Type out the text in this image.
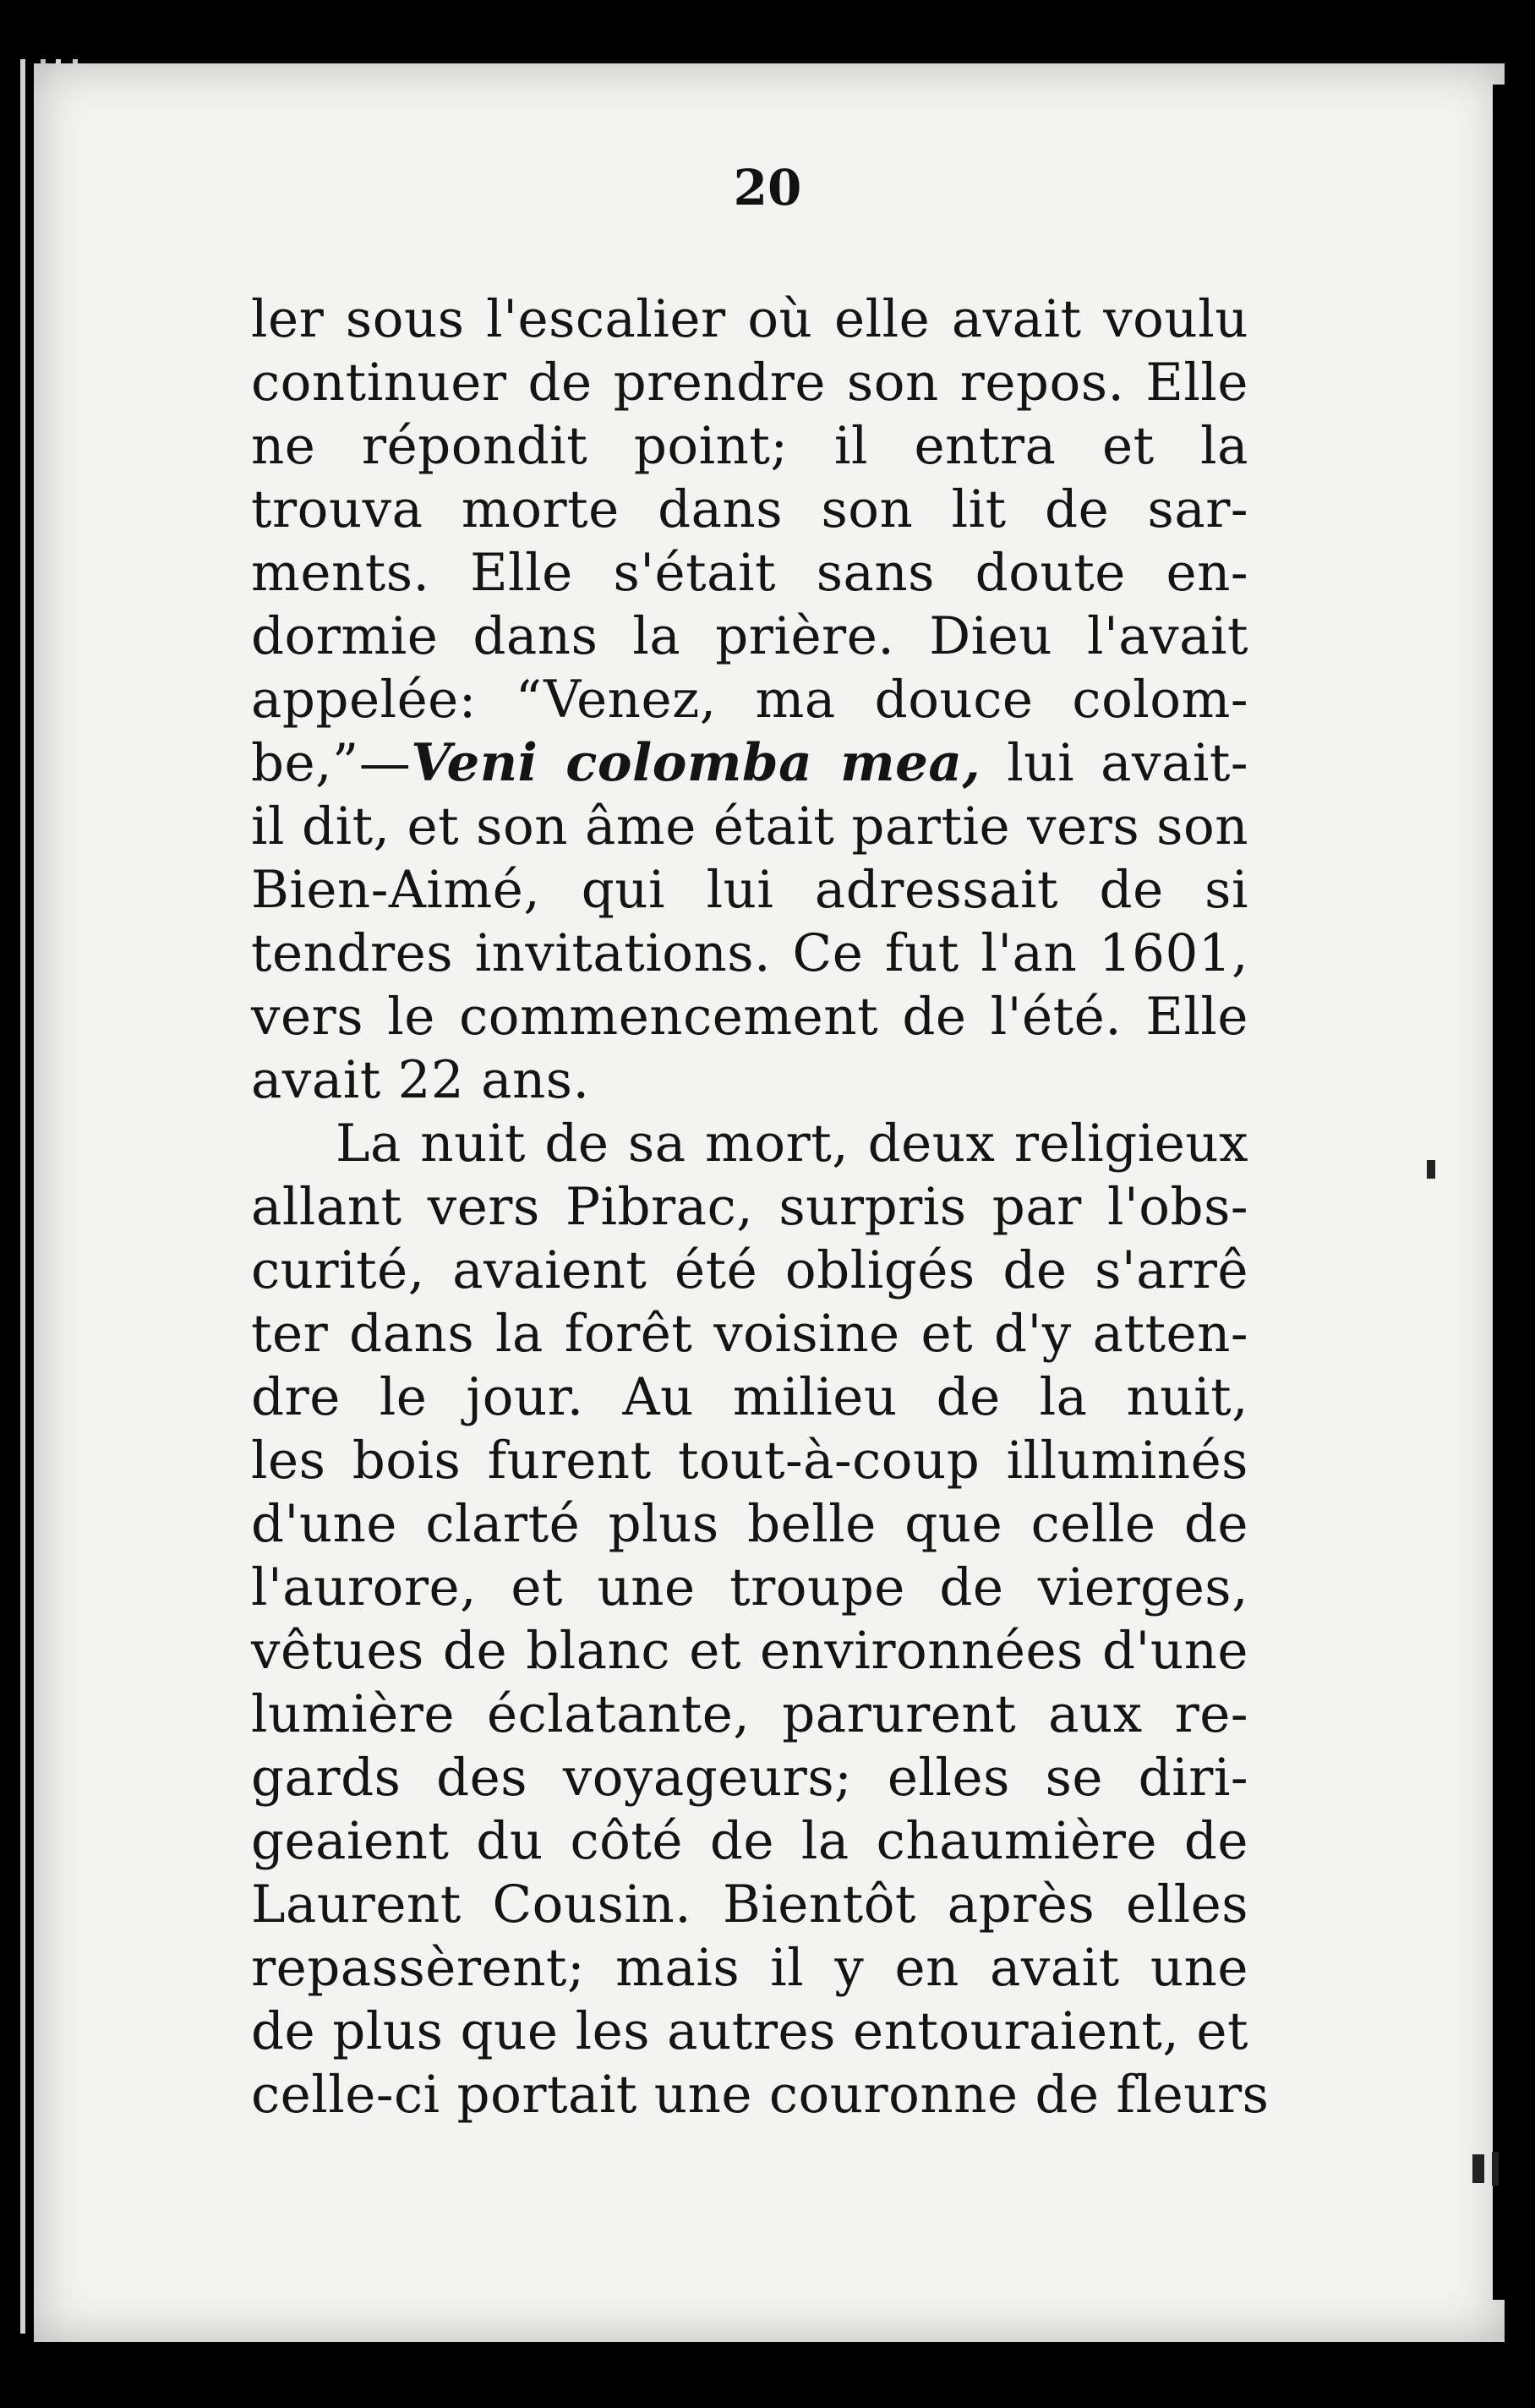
20
ler sous l'escalier où elle avait voulu
continuer de prendre son repos. Elle
ne répondit point; il entra et la
trouva morte dans son lit de sar-
ments. Elle s'était sans doute en-
dormie dans la prière. Dieu l'avait
appelée: “Venez, ma douce colom-
be,”—Veni colomba mea, lui avait-
il dit, et son âme était partie vers son
Bien-Aimé, qui lui adressait de si
tendres invitations. Ce fut l'an 1601,
vers le commencement de l'été. Elle
avait 22 ans.
La nuit de sa mort, deux religieux
allant vers Pibrac, surpris par l'obs-
curité, avaient été obligés de s'arrê
ter dans la forêt voisine et d'y atten-
dre le jour. Au milieu de la nuit,
les bois furent tout-à-coup illuminés
d'une clarté plus belle que celle de
l'aurore, et une troupe de vierges,
vêtues de blanc et environnées d'une
lumière éclatante, parurent aux re-
gards des voyageurs; elles se diri-
geaient du côté de la chaumière de
Laurent Cousin. Bientôt après elles
repassèrent; mais il y en avait une
de plus que les autres entouraient, et
celle-ci portait une couronne de fleurs
